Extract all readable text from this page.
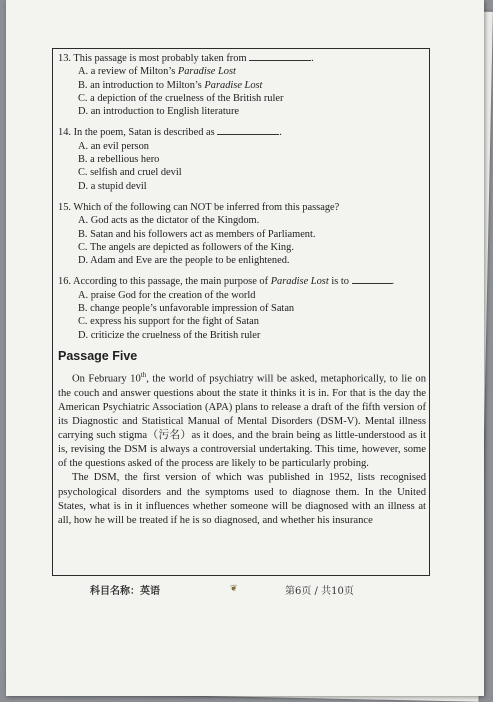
13. This passage is most probably taken from	.

A. a review of Milton’s Paradise Lost

B. an introduction to Milton’s Paradise Lost

C. a depiction of the cruelness of the British ruler

D. an introduction to English literature

14. In the poem, Satan is described as	.

A. an evil person

B. a rebellious hero

C. selfish and cruel devil

D. a stupid devil

15. Which of the following can NOT be inferred from this passage?

A. God acts as the dictator of the Kingdom.

B. Satan and his followers act as members of Parliament.

C. The angels are depicted as followers of the King.

D. Adam and Eve are the people to be enlightened.

16. According to this passage, the main purpose of Paradise Lost is to	.

A. praise God for the creation of the world

B. change people’s unfavorable impression of Satan

C. express his support for the fight of Satan

D. criticize the cruelness of the British ruler

Passage Five

On February 10th, the world of psychiatry will be asked, metaphorically, to lie on the couch and answer questions about the state it thinks it is in. For that is the day the American Psychiatric Association (APA) plans to release a draft of the fifth version of its Diagnostic and Statistical Manual of Mental Disorders (DSM-V). Mental illness carrying such stigma（污名）as it does, and the brain being as little-understood as it is, revising the DSM is always a controversial undertaking. This time, however, some of the questions asked of the process are likely to be particularly probing.

The DSM, the first version of which was published in 1952, lists recognised psychological disorders and the symptoms used to diagnose them. In the United States, what is in it influences whether someone will be diagnosed with an illness at all, how he will be treated if he is so diagnosed, and whether his insurance

科目名称：英语	❦	第6页 / 共10页
